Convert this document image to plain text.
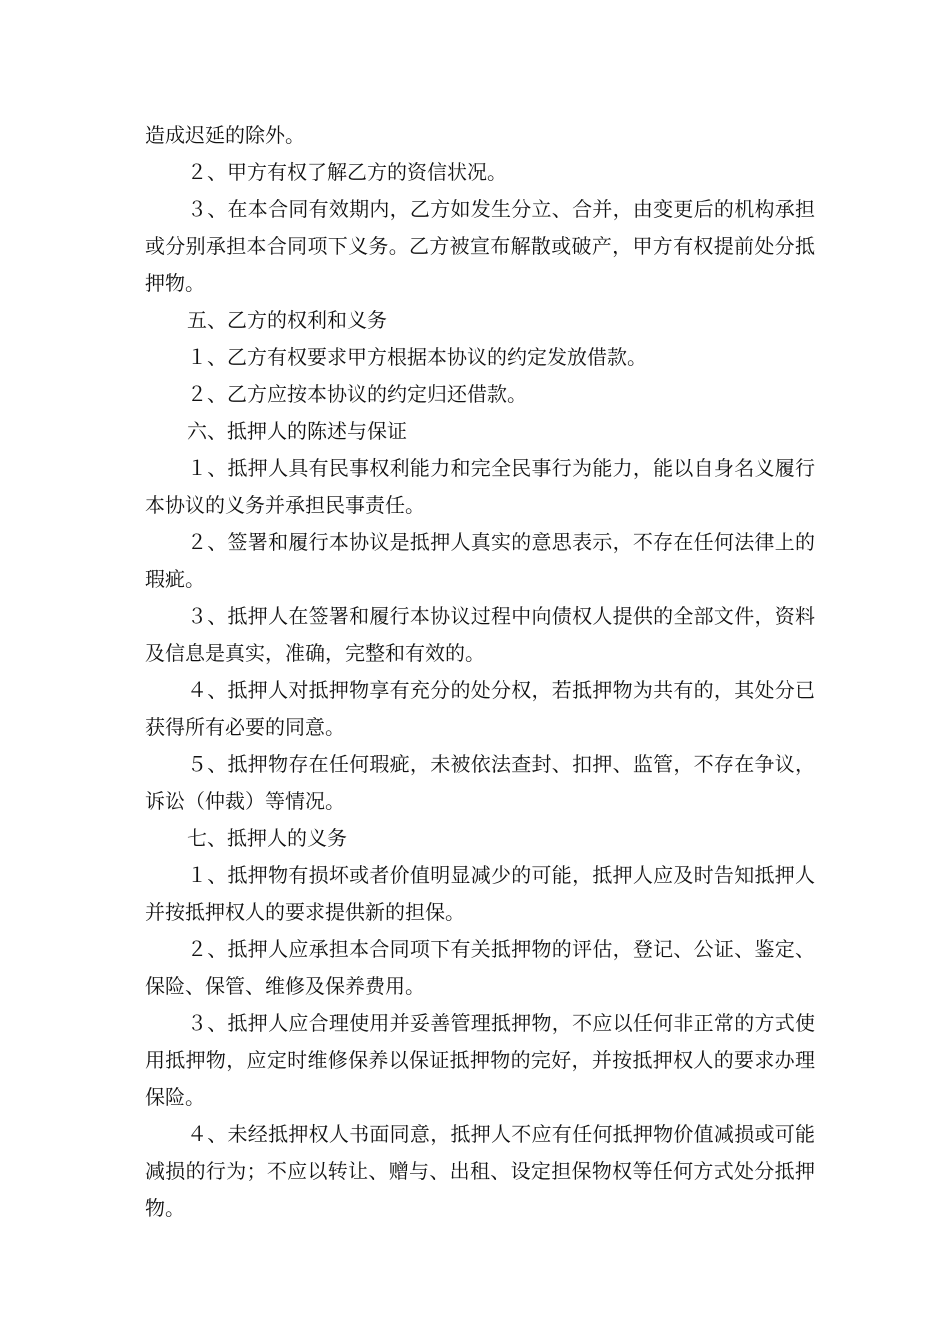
造成迟延的除外。

２、甲方有权了解乙方的资信状况。

３、在本合同有效期内，乙方如发生分立、合并，由变更后的机构承担或分别承担本合同项下义务。乙方被宣布解散或破产，甲方有权提前处分抵押物。

五、乙方的权利和义务

１、乙方有权要求甲方根据本协议的约定发放借款。

２、乙方应按本协议的约定归还借款。

六、抵押人的陈述与保证

１、抵押人具有民事权利能力和完全民事行为能力，能以自身名义履行本协议的义务并承担民事责任。

２、签署和履行本协议是抵押人真实的意思表示，不存在任何法律上的瑕疵。

３、抵押人在签署和履行本协议过程中向债权人提供的全部文件，资料及信息是真实，准确，完整和有效的。

４、抵押人对抵押物享有充分的处分权，若抵押物为共有的，其处分已获得所有必要的同意。

５、抵押物存在任何瑕疵，未被依法查封、扣押、监管，不存在争议，诉讼（仲裁）等情况。

七、抵押人的义务

１、抵押物有损坏或者价值明显减少的可能，抵押人应及时告知抵押人并按抵押权人的要求提供新的担保。

２、抵押人应承担本合同项下有关抵押物的评估，登记、公证、鉴定、保险、保管、维修及保养费用。

３、抵押人应合理使用并妥善管理抵押物，不应以任何非正常的方式使用抵押物，应定时维修保养以保证抵押物的完好，并按抵押权人的要求办理保险。

４、未经抵押权人书面同意，抵押人不应有任何抵押物价值减损或可能减损的行为；不应以转让、赠与、出租、设定担保物权等任何方式处分抵押物。
